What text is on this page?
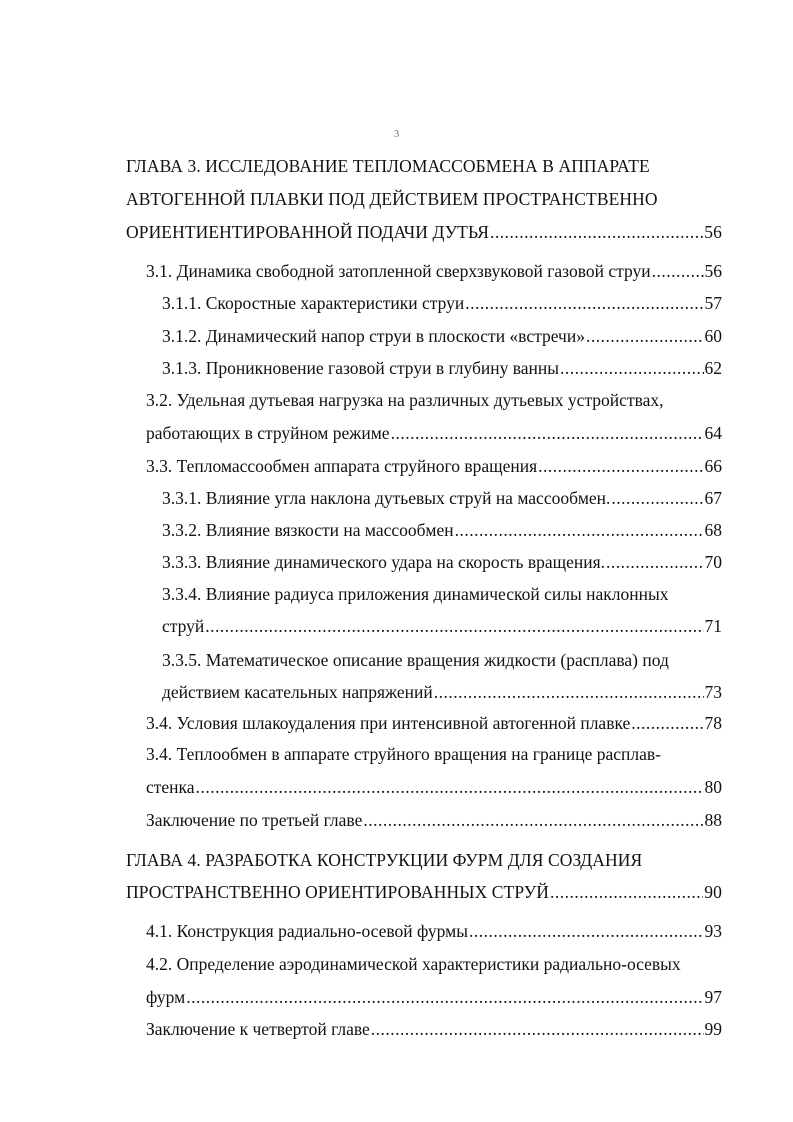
3
ГЛАВА 3. ИССЛЕДОВАНИЕ ТЕПЛОМАССОБМЕНА В АППАРАТЕ
АВТОГЕННОЙ ПЛАВКИ ПОД ДЕЙСТВИЕМ ПРОСТРАНСТВЕННО
ОРИЕНТИЕНТИРОВАННОЙ ПОДАЧИ ДУТЬЯ .....	56
3.1. Динамика свободной затопленной сверхзвуковой газовой струи .....	56
3.1.1. Скоростные характеристики струи .....	57
3.1.2. Динамический напор струи в плоскости «встречи» .....	60
3.1.3. Проникновение газовой струи в глубину ванны .....	62
3.2. Удельная дутьевая нагрузка на различных дутьевых устройствах,
работающих в струйном режиме .....	64
3.3. Тепломассообмен аппарата струйного вращения .....	66
3.3.1. Влияние угла наклона дутьевых струй на массообмен. .....	67
3.3.2. Влияние вязкости на массообмен .....	68
3.3.3. Влияние динамического удара на скорость вращения. .....	70
3.3.4. Влияние радиуса приложения динамической силы наклонных
струй .....	71
3.3.5. Математическое описание вращения жидкости (расплава) под
действием касательных напряжений .....	73
3.4. Условия шлакоудаления при интенсивной автогенной плавке .....	78
3.4. Теплообмен в аппарате струйного вращения на границе расплав-
стенка .....	80
Заключение по третьей главе .....	88
ГЛАВА 4. РАЗРАБОТКА КОНСТРУКЦИИ ФУРМ ДЛЯ СОЗДАНИЯ
ПРОСТРАНСТВЕННО ОРИЕНТИРОВАННЫХ СТРУЙ .....	90
4.1. Конструкция радиально-осевой фурмы .....	93
4.2. Определение аэродинамической характеристики радиально-осевых
фурм .....	97
Заключение к четвертой главе .....	99
